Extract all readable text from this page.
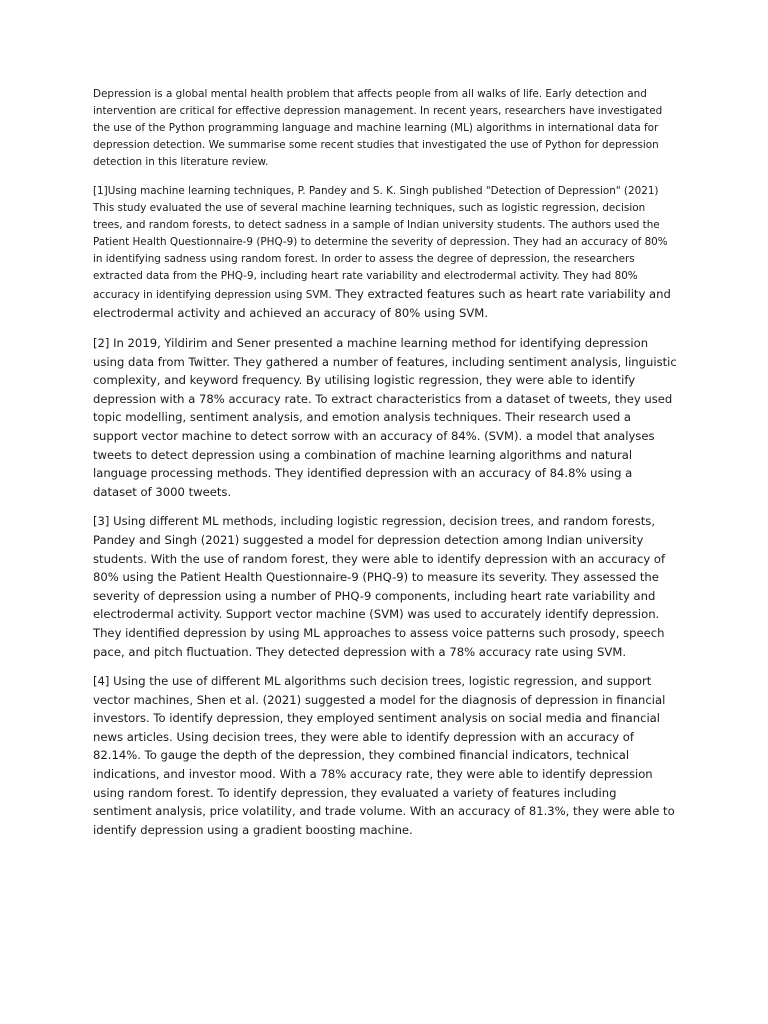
Depression is a global mental health problem that affects people from all walks of life. Early detection and intervention are critical for effective depression management. In recent years, researchers have investigated the use of the Python programming language and machine learning (ML) algorithms in international data for depression detection. We summarise some recent studies that investigated the use of Python for depression detection in this literature review.

[1]Using machine learning techniques, P. Pandey and S. K. Singh published "Detection of Depression" (2021) This study evaluated the use of several machine learning techniques, such as logistic regression, decision trees, and random forests, to detect sadness in a sample of Indian university students. The authors used the Patient Health Questionnaire-9 (PHQ-9) to determine the severity of depression. They had an accuracy of 80% in identifying sadness using random forest. In order to assess the degree of depression, the researchers extracted data from the PHQ-9, including heart rate variability and electrodermal activity. They had 80% accuracy in identifying depression using SVM. They extracted features such as heart rate variability and electrodermal activity and achieved an accuracy of 80% using SVM.

[2] In 2019, Yildirim and Sener presented a machine learning method for identifying depression using data from Twitter. They gathered a number of features, including sentiment analysis, linguistic complexity, and keyword frequency. By utilising logistic regression, they were able to identify depression with a 78% accuracy rate. To extract characteristics from a dataset of tweets, they used topic modelling, sentiment analysis, and emotion analysis techniques. Their research used a support vector machine to detect sorrow with an accuracy of 84%. (SVM). a model that analyses tweets to detect depression using a combination of machine learning algorithms and natural language processing methods. They identified depression with an accuracy of 84.8% using a dataset of 3000 tweets.

[3] Using different ML methods, including logistic regression, decision trees, and random forests, Pandey and Singh (2021) suggested a model for depression detection among Indian university students. With the use of random forest, they were able to identify depression with an accuracy of 80% using the Patient Health Questionnaire-9 (PHQ-9) to measure its severity. They assessed the severity of depression using a number of PHQ-9 components, including heart rate variability and electrodermal activity. Support vector machine (SVM) was used to accurately identify depression. They identified depression by using ML approaches to assess voice patterns such prosody, speech pace, and pitch fluctuation. They detected depression with a 78% accuracy rate using SVM.

[4] Using the use of different ML algorithms such decision trees, logistic regression, and support vector machines, Shen et al. (2021) suggested a model for the diagnosis of depression in financial investors. To identify depression, they employed sentiment analysis on social media and financial news articles. Using decision trees, they were able to identify depression with an accuracy of 82.14%. To gauge the depth of the depression, they combined financial indicators, technical indications, and investor mood. With a 78% accuracy rate, they were able to identify depression using random forest. To identify depression, they evaluated a variety of features including sentiment analysis, price volatility, and trade volume. With an accuracy of 81.3%, they were able to identify depression using a gradient boosting machine.
